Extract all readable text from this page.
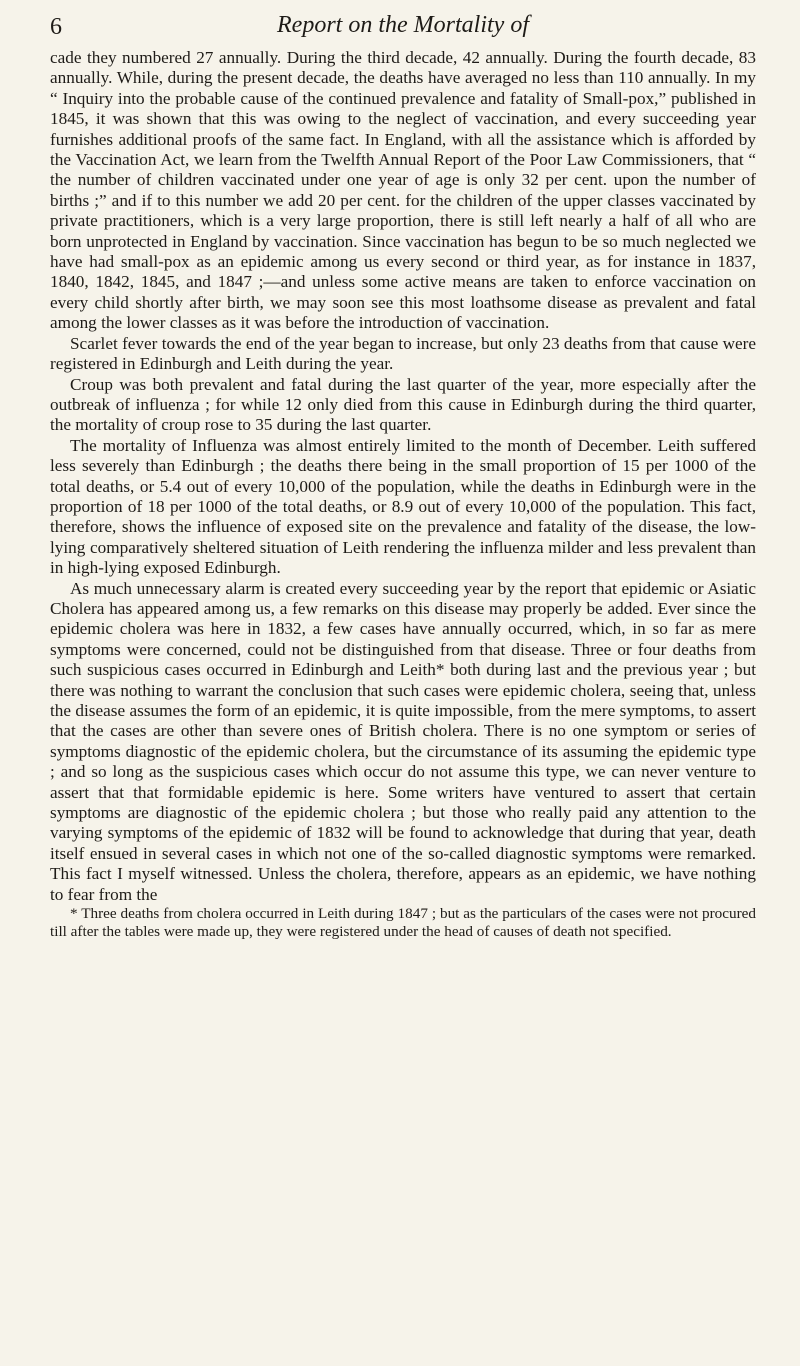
6	Report on the Mortality of

cade they numbered 27 annually. During the third decade, 42 annually. During the fourth decade, 83 annually. While, during the present decade, the deaths have averaged no less than 110 annually. In my “ Inquiry into the probable cause of the continued prevalence and fatality of Small-pox,” published in 1845, it was shown that this was owing to the neglect of vaccination, and every succeeding year furnishes additional proofs of the same fact. In England, with all the assistance which is afforded by the Vaccination Act, we learn from the Twelfth Annual Report of the Poor Law Commissioners, that “ the number of children vaccinated under one year of age is only 32 per cent. upon the number of births ;” and if to this number we add 20 per cent. for the children of the upper classes vaccinated by private practitioners, which is a very large proportion, there is still left nearly a half of all who are born unprotected in England by vaccination. Since vaccination has begun to be so much neglected we have had small-pox as an epidemic among us every second or third year, as for instance in 1837, 1840, 1842, 1845, and 1847 ;—and unless some active means are taken to enforce vaccination on every child shortly after birth, we may soon see this most loathsome disease as prevalent and fatal among the lower classes as it was before the introduction of vaccination.

Scarlet fever towards the end of the year began to increase, but only 23 deaths from that cause were registered in Edinburgh and Leith during the year.

Croup was both prevalent and fatal during the last quarter of the year, more especially after the outbreak of influenza ; for while 12 only died from this cause in Edinburgh during the third quarter, the mortality of croup rose to 35 during the last quarter.

The mortality of Influenza was almost entirely limited to the month of December. Leith suffered less severely than Edinburgh ; the deaths there being in the small proportion of 15 per 1000 of the total deaths, or 5.4 out of every 10,000 of the population, while the deaths in Edinburgh were in the proportion of 18 per 1000 of the total deaths, or 8.9 out of every 10,000 of the population. This fact, therefore, shows the influence of exposed site on the prevalence and fatality of the disease, the low-lying comparatively sheltered situation of Leith rendering the influenza milder and less prevalent than in high-lying exposed Edinburgh.

As much unnecessary alarm is created every succeeding year by the report that epidemic or Asiatic Cholera has appeared among us, a few remarks on this disease may properly be added. Ever since the epidemic cholera was here in 1832, a few cases have annually occurred, which, in so far as mere symptoms were concerned, could not be distinguished from that disease. Three or four deaths from such suspicious cases occurred in Edinburgh and Leith* both during last and the previous year ; but there was nothing to warrant the conclusion that such cases were epidemic cholera, seeing that, unless the disease assumes the form of an epidemic, it is quite impossible, from the mere symptoms, to assert that the cases are other than severe ones of British cholera. There is no one symptom or series of symptoms diagnostic of the epidemic cholera, but the circumstance of its assuming the epidemic type ; and so long as the suspicious cases which occur do not assume this type, we can never venture to assert that that formidable epidemic is here. Some writers have ventured to assert that certain symptoms are diagnostic of the epidemic cholera ; but those who really paid any attention to the varying symptoms of the epidemic of 1832 will be found to acknowledge that during that year, death itself ensued in several cases in which not one of the so-called diagnostic symptoms were remarked. This fact I myself witnessed. Unless the cholera, therefore, appears as an epidemic, we have nothing to fear from the

* Three deaths from cholera occurred in Leith during 1847 ; but as the particulars of the cases were not procured till after the tables were made up, they were registered under the head of causes of death not specified.
